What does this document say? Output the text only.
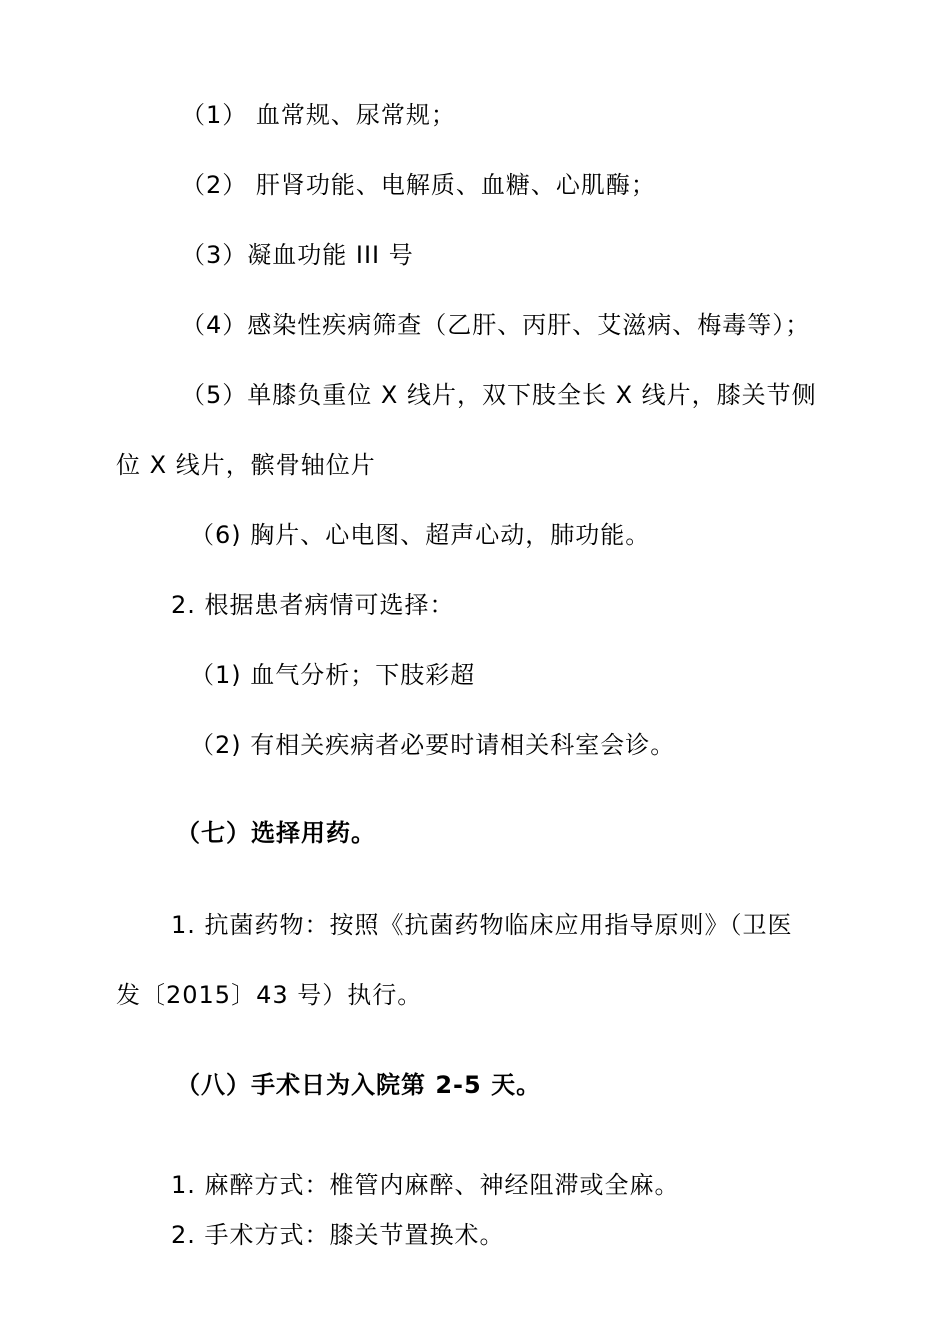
（1） 血常规、尿常规；
（2） 肝肾功能、电解质、血糖、心肌酶；
（3）凝血功能 III 号
（4）感染性疾病筛查（乙肝、丙肝、艾滋病、梅毒等）；
（5）单膝负重位 X 线片，双下肢全长 X 线片，膝关节侧
位 X 线片，髌骨轴位片
（6) 胸片、心电图、超声心动，肺功能。
2. 根据患者病情可选择：
（1) 血气分析；下肢彩超
（2) 有相关疾病者必要时请相关科室会诊。
（七）选择用药。
1. 抗菌药物：按照《抗菌药物临床应用指导原则》（卫医
发〔2015〕43 号）执行。
（八）手术日为入院第 2-5 天。
1. 麻醉方式：椎管内麻醉、神经阻滞或全麻。
2. 手术方式：膝关节置换术。
